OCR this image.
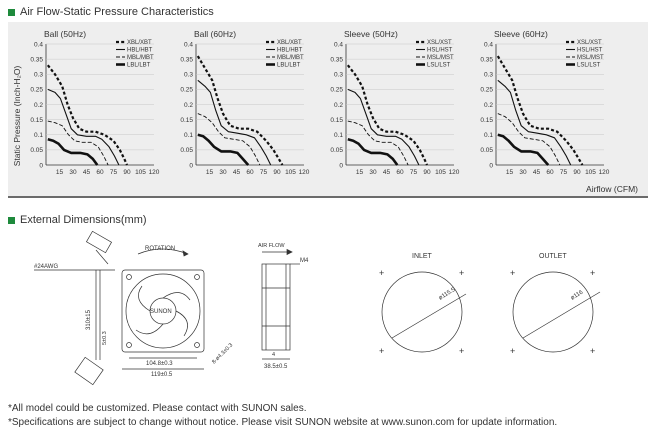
Air Flow-Static Pressure Characteristics
Ball (50Hz)
0
0.05
0.1
0.15
0.2
0.25
0.3
0.35
0.4
15 30 45 60 75 90 105 120
XBL/XBT
HBL/HBT
MBL/MBT
LBL/LBT
Ball (60Hz)
0
0.05
0.1
0.15
0.2
0.25
0.3
0.35
0.4
15 30 45 60 75 90 105 120
XBL/XBT
HBL/HBT
MBL/MBT
LBL/LBT
Sleeve (50Hz)
0
0.05
0.1
0.15
0.2
0.25
0.3
0.35
0.4
15 30 45 60 75 90 105 120
XSL/XST
HSL/HST
MSL/MST
LSL/LST
Sleeve (60Hz)
0
0.05
0.1
0.15
0.2
0.25
0.3
0.35
0.4
15 30 45 60 75 90 105 120
XSL/XST
HSL/HST
MSL/MST
LSL/LST
Static Pressure (Inch-H₂O)
Airflow (CFM)
External Dimensions(mm)
#24AWG
310±15
5±0.3
ROTATION
SUNON
104.8±0.3
119±0.5
8-ø4.3±0.3
AIR FLOW
M4
4
38.5±0.5
INLET
ø115.5
+	+
+	+
OUTLET
ø116
+	+
+	+
*All model could be customized. Please contact with SUNON sales.
*Specifications are subject to change without notice. Please visit SUNON website at www.sunon.com for update information.
